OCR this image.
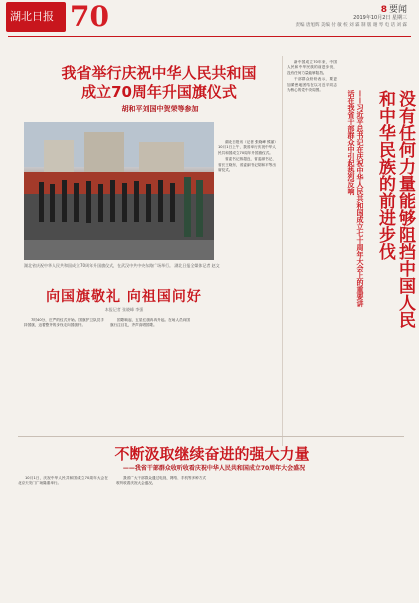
湖北日报 70	8 要闻
2019年10月2日 星期三
责编 唐旭辉 美编 付 敏 校 刘 霖 制 版 谢 琴 电 话 刘 霖
我省举行庆祝中华人民共和国
成立70周年升国旗仪式
胡和平刘国中贺荣等参加
湖北省庆祝中华人民共和国成立70周年升国旗仪式，在武汉中共中央东路广场举行。 湖北日报全媒体记者 赵文

湖北日报讯（记者 张晓峰 熊丽）10月1日上午，我省举行庆祝中华人民共和国成立70周年升国旗仪式。

省委书记蒋超良，省委副书记、省长王晓东，省委副书记胡和平等出席仪式。	没有任何力量能够阻挡中国人民和中华民族的前进步伐
——习近平总书记在庆祝中华人民共和国成立七十周年大会上的重要讲话在我省干部群众中引起热烈反响

新中国成立70年来，中国人民和中华民族的前进步伐，没有任何力量能够阻挡。

干部群众纷纷表示，要更加紧密地团结在以习近平同志为核心的党中央周围。

向国旗敬礼 向祖国问好
本报记者 张晓峰 李强

7时40分，庄严的仪式开始。国旗护卫队员手持国旗，迈着整齐的步伐走向国旗杆。

国歌响起，五星红旗冉冉升起。在场人员向国旗行注目礼，齐声高唱国歌。

不断汲取继续奋进的强大力量
——我省干部群众收听收看庆祝中华人民共和国成立70周年大会盛况

10月1日，庆祝中华人民共和国成立70周年大会在北京天安门广场隆重举行。

我省广大干部群众通过电视、网络、手机等多种方式收听收看庆祝大会盛况。
